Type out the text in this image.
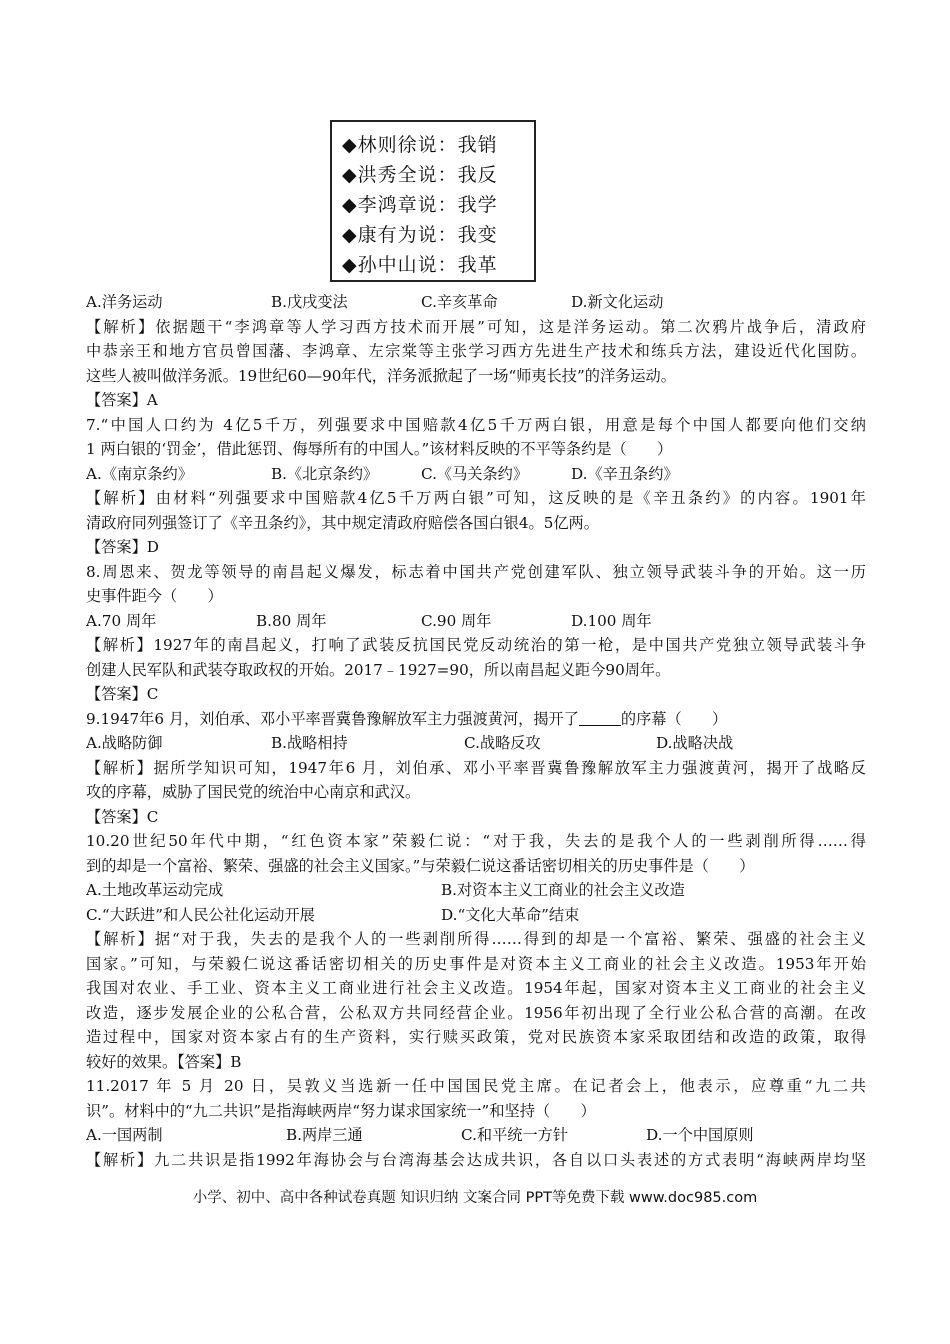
◆林则徐说：我销
◆洪秀全说：我反
◆李鸿章说：我学
◆康有为说：我变
◆孙中山说：我革
A.洋务运动	B.戊戌变法	C.辛亥革命	D.新文化运动
【解析】依据题干“李鸿章等人学习西方技术而开展”可知，这是洋务运动。第二次鸦片战争后，清政府
中恭亲王和地方官员曾国藩、李鸿章、左宗棠等主张学习西方先进生产技术和练兵方法，建设近代化国防。
这些人被叫做洋务派。19世纪60—90年代，洋务派掀起了一场“师夷长技”的洋务运动。
【答案】A
7.“中国人口约为 4亿5千万，列强要求中国赔款4亿5千万两白银，用意是每个中国人都要向他们交纳
1 两白银的‘罚金’，借此惩罚、侮辱所有的中国人。”该材料反映的不平等条约是（　　）
A.《南京条约》	B.《北京条约》	C.《马关条约》	D.《辛丑条约》
【解析】由材料“列强要求中国赔款4亿5千万两白银”可知，这反映的是《辛丑条约》的内容。1901年
清政府同列强签订了《辛丑条约》，其中规定清政府赔偿各国白银4。5亿两。
【答案】D
8.周恩来、贺龙等领导的南昌起义爆发，标志着中国共产党创建军队、独立领导武装斗争的开始。这一历
史事件距今（　　）
A.70 周年	B.80 周年	C.90 周年	D.100 周年
【解析】1927年的南昌起义，打响了武装反抗国民党反动统治的第一枪，是中国共产党独立领导武装斗争
创建人民军队和武装夺取政权的开始。2017﹣1927=90，所以南昌起义距今90周年。
【答案】C
9.1947年6 月，刘伯承、邓小平率晋冀鲁豫解放军主力强渡黄河，揭开了	的序幕（　　）
A.战略防御	B.战略相持	C.战略反攻	D.战略决战
【解析】据所学知识可知，1947年6 月，刘伯承、邓小平率晋冀鲁豫解放军主力强渡黄河，揭开了战略反
攻的序幕，威胁了国民党的统治中心南京和武汉。
【答案】C
10.20世纪50年代中期，“红色资本家”荣毅仁说：“对于我，失去的是我个人的一些剥削所得……得
到的却是一个富裕、繁荣、强盛的社会主义国家。”与荣毅仁说这番话密切相关的历史事件是（　　）
A.土地改革运动完成	B.对资本主义工商业的社会主义改造
C.“大跃进”和人民公社化运动开展	D.“文化大革命”结束
【解析】据“对于我，失去的是我个人的一些剥削所得……得到的却是一个富裕、繁荣、强盛的社会主义
国家。”可知，与荣毅仁说这番话密切相关的历史事件是对资本主义工商业的社会主义改造。1953年开始
我国对农业、手工业、资本主义工商业进行社会主义改造。1954年起，国家对资本主义工商业的社会主义
改造，逐步发展企业的公私合营，公私双方共同经营企业。1956年初出现了全行业公私合营的高潮。在改
造过程中，国家对资本家占有的生产资料，实行赎买政策，党对民族资本家采取团结和改造的政策，取得
较好的效果。【答案】B
11.2017 年 5 月 20 日，吴敦义当选新一任中国国民党主席。在记者会上，他表示，应尊重“九二共
识”。材料中的“九二共识”是指海峡两岸“努力谋求国家统一”和坚持（　　）
A.一国两制	B.两岸三通	C.和平统一方针	D.一个中国原则
【解析】九二共识是指1992年海协会与台湾海基会达成共识，各自以口头表述的方式表明“海峡两岸均坚
小学、初中、高中各种试卷真题 知识归纳 文案合同 PPT等免费下载 www.doc985.com
